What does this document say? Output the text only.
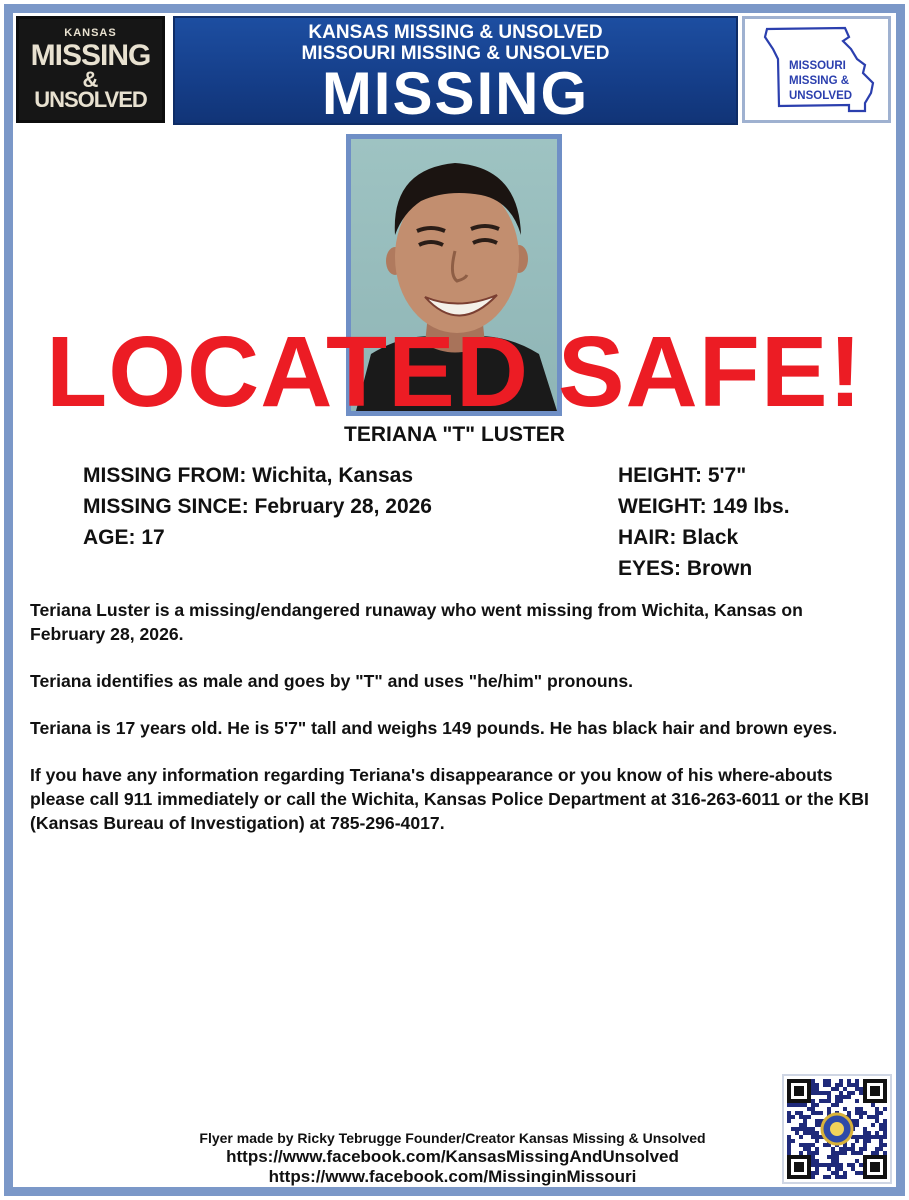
KANSAS
MISSING
&
UNSOLVED
KANSAS MISSING & UNSOLVED
MISSOURI MISSING & UNSOLVED
MISSING	MISSOURI
MISSING &
UNSOLVED
LOCATED SAFE!
TERIANA "T" LUSTER
MISSING FROM: Wichita, Kansas
MISSING SINCE: February 28, 2026
AGE: 17
HEIGHT: 5'7"
WEIGHT: 149 lbs.
HAIR: Black
EYES: Brown

Teriana Luster is a missing/endangered runaway who went missing from Wichita, Kansas on February 28, 2026.

Teriana identifies as male and goes by "T" and uses "he/him" pronouns.

Teriana is 17 years old. He is 5'7" tall and weighs 149 pounds. He has black hair and brown eyes.

If you have any information regarding Teriana's disappearance or you know of his where-abouts please call 911 immediately or call the Wichita, Kansas Police Department at 316-263-6011 or the KBI (Kansas Bureau of Investigation) at 785-296-4017.

Flyer made by Ricky Tebrugge Founder/Creator Kansas Missing & Unsolved
https://www.facebook.com/KansasMissingAndUnsolved
https://www.facebook.com/MissinginMissouri
